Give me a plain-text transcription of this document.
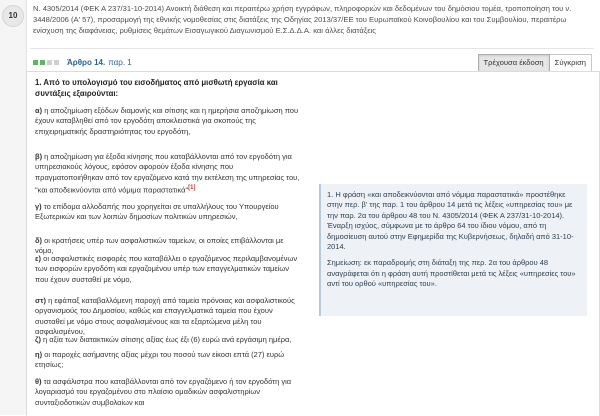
10
Ν. 4305/2014 (ΦΕΚ Α 237/31-10-2014) Ανοικτή διάθεση και περαιτέρω χρήση εγγράφων, πληροφοριών και δεδομένων του δημόσιου τομέα, τροποποίηση του ν. 3448/2006 (Α' 57), προσαρμογή της εθνικής νομοθεσίας στις διατάξεις της Οδηγίας 2013/37/ΕΕ του Ευρωπαϊκού Κοινοβουλίου και του Συμβουλίου, περαιτέρω ενίσχυση της διαφάνειας, ρυθμίσεις θεμάτων Εισαγωγικού Διαγωνισμού Ε.Σ.Δ.Δ.Α. και άλλες διατάξεις
Άρθρο 14. παρ. 1	Τρέχουσα έκδοση	Σύγκριση
1. Από το υπολογισμό του εισοδήματος από μισθωτή εργασία και συντάξεις εξαιρούνται:
α) η αποζημίωση εξόδων διαμονής και σίτισης και η ημερήσια αποζημίωση που έχουν καταβληθεί από τον εργοδότη αποκλειστικά για σκοπούς της επιχειρηματικής δραστηριότητας του εργοδότη,
β) η αποζημίωση για έξοδα κίνησης που καταβάλλονται από τον εργοδότη για υπηρεσιακούς λόγους, εφόσον αφορούν έξοδα κίνησης που πραγματοποιήθηκαν από τον εργαζόμενο κατά την εκτέλεση της υπηρεσίας του, "και αποδεικνύονται από νόμιμα παραστατικά"[1]
γ) το επίδομα αλλοδαπής που χορηγείται σε υπαλλήλους του Υπουργείου Εξωτερικών και των λοιπών δημοσίων πολιτικών υπηρεσιών,
δ) οι κρατήσεις υπέρ των ασφαλιστικών ταμείων, οι οποίες επιβάλλονται με νόμο,
ε) οι ασφαλιστικές εισφορές που καταβάλλει ο εργαζόμενος περιλαμβανομένων των εισφορών εργοδότη και εργαζομένου υπέρ των επαγγελματικών ταμείων που έχουν συσταθεί με νόμο,
στ) η εφάπαξ καταβαλλόμενη παροχή από ταμεία πρόνοιας και ασφαλιστικούς οργανισμούς του Δημοσίου, καθώς και επαγγελματικά ταμεία που έχουν συσταθεί με νόμο στους ασφαλισμένους και τα εξαρτώμενα μέλη του ασφαλισμένου,
ζ) η αξία των διατακτικών σίτισης αξίας έως έξι (6) ευρώ ανά εργάσιμη ημέρα,
η) οι παροχές ασήμαντης αξίας μέχρι του ποσού των είκοσι επτά (27) ευρώ ετησίως;
θ) τα ασφάλιστρα που καταβάλλονται από τον εργαζόμενο ή τον εργοδότη για λογαριασμό του εργαζομένου στο πλαίσιο ομαδικών ασφαλιστηρίων συνταξιοδοτικών συμβολαίων και

1. Η φράση «και αποδεικνύονται από νόμιμα παραστατικά» προστέθηκε στην περ. β' της παρ. 1 του άρθρου 14 μετά τις λέξεις «υπηρεσίας του» με την παρ. 2α του άρθρου 48 του Ν. 4305/2014 (ΦΕΚ Α 237/31-10-2014). Έναρξη ισχύος, σύμφωνα με το άρθρο 64 του ίδιου νόμου, από τη δημοσίευση αυτού στην Εφημερίδα της Κυβερνήσεως, δηλαδή από 31-10-2014.

Σημείωση: εκ παραδρομής στη διάταξη της περ. 2α του άρθρου 48 αναγράφεται ότι η φράση αυτή προστίθεται μετά τις λέξεις «υπηρεσίες του» αντί του ορθού «υπηρεσίας του».
